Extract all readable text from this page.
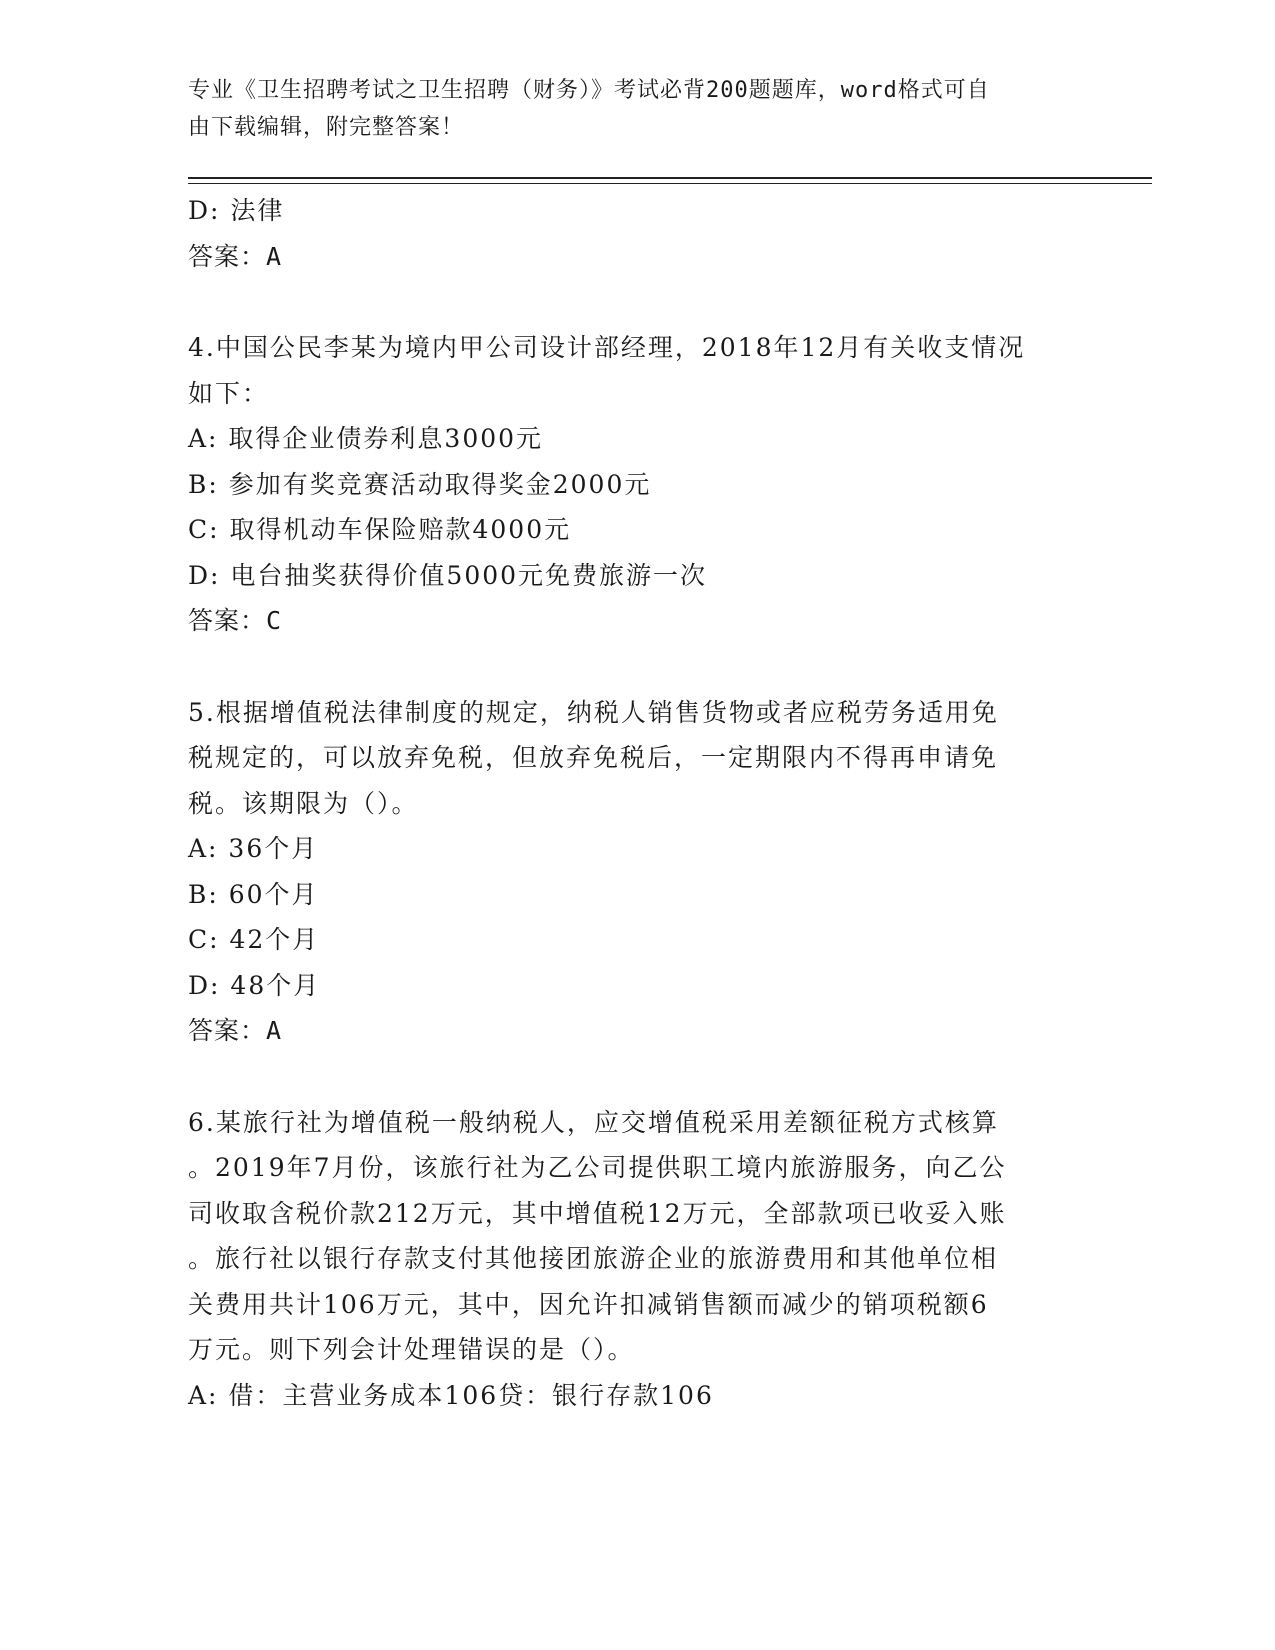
专业《卫生招聘考试之卫生招聘（财务）》考试必背200题题库，word格式可自
由下载编辑，附完整答案！
D: 法律
答案：A
4.中国公民李某为境内甲公司设计部经理，2018年12月有关收支情况
如下：
A: 取得企业债券利息3000元
B: 参加有奖竞赛活动取得奖金2000元
C: 取得机动车保险赔款4000元
D: 电台抽奖获得价值5000元免费旅游一次
答案：C
5.根据增值税法律制度的规定，纳税人销售货物或者应税劳务适用免
税规定的，可以放弃免税，但放弃免税后，一定期限内不得再申请免
税。该期限为（）。
A: 36个月
B: 60个月
C: 42个月
D: 48个月
答案：A
6.某旅行社为增值税一般纳税人，应交增值税采用差额征税方式核算
。2019年7月份，该旅行社为乙公司提供职工境内旅游服务，向乙公
司收取含税价款212万元，其中增值税12万元，全部款项已收妥入账
。旅行社以银行存款支付其他接团旅游企业的旅游费用和其他单位相
关费用共计106万元，其中，因允许扣减销售额而减少的销项税额6
万元。则下列会计处理错误的是（）。
A: 借：主营业务成本106贷：银行存款106
